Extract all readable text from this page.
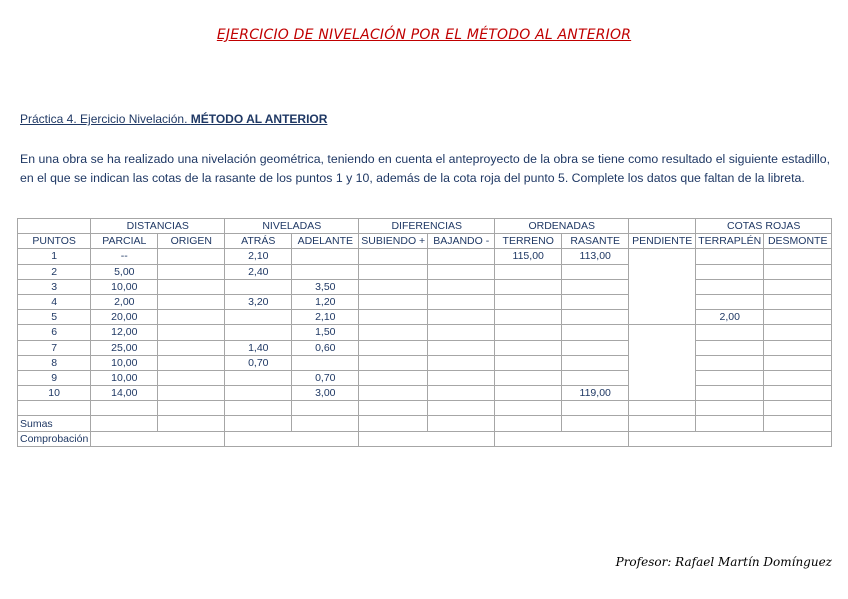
EJERCICIO DE NIVELACIÓN POR EL MÉTODO AL ANTERIOR
Práctica 4. Ejercicio Nivelación. MÉTODO AL ANTERIOR
En una obra se ha realizado una nivelación geométrica, teniendo en cuenta el anteproyecto de la obra se tiene como resultado el siguiente estadillo, en el que se indican las cotas de la rasante de los puntos 1 y 10, además de la cota roja del punto 5. Complete los datos que faltan de la libreta.
	DISTANCIAS		NIVELADAS		DIFERENCIAS		ORDENADAS			COTAS ROJAS	
PUNTOS	PARCIAL	ORIGEN	ATRÁS	ADELANTE	SUBIENDO +	BAJANDO -	TERRENO	RASANTE	PENDIENTE	TERRAPLÉN	DESMONTE
1	--		2,10				115,00	113,00			
2	5,00		2,40								
3	10,00			3,50							
4	2,00		3,20	1,20							
5	20,00			2,10						2,00	
6	12,00			1,50							
7	25,00		1,40	0,60							
8	10,00		0,70								
9	10,00			0,70							
10	14,00			3,00				119,00			

Sumas											
Comprobación											
Profesor: Rafael Martín Domínguez
